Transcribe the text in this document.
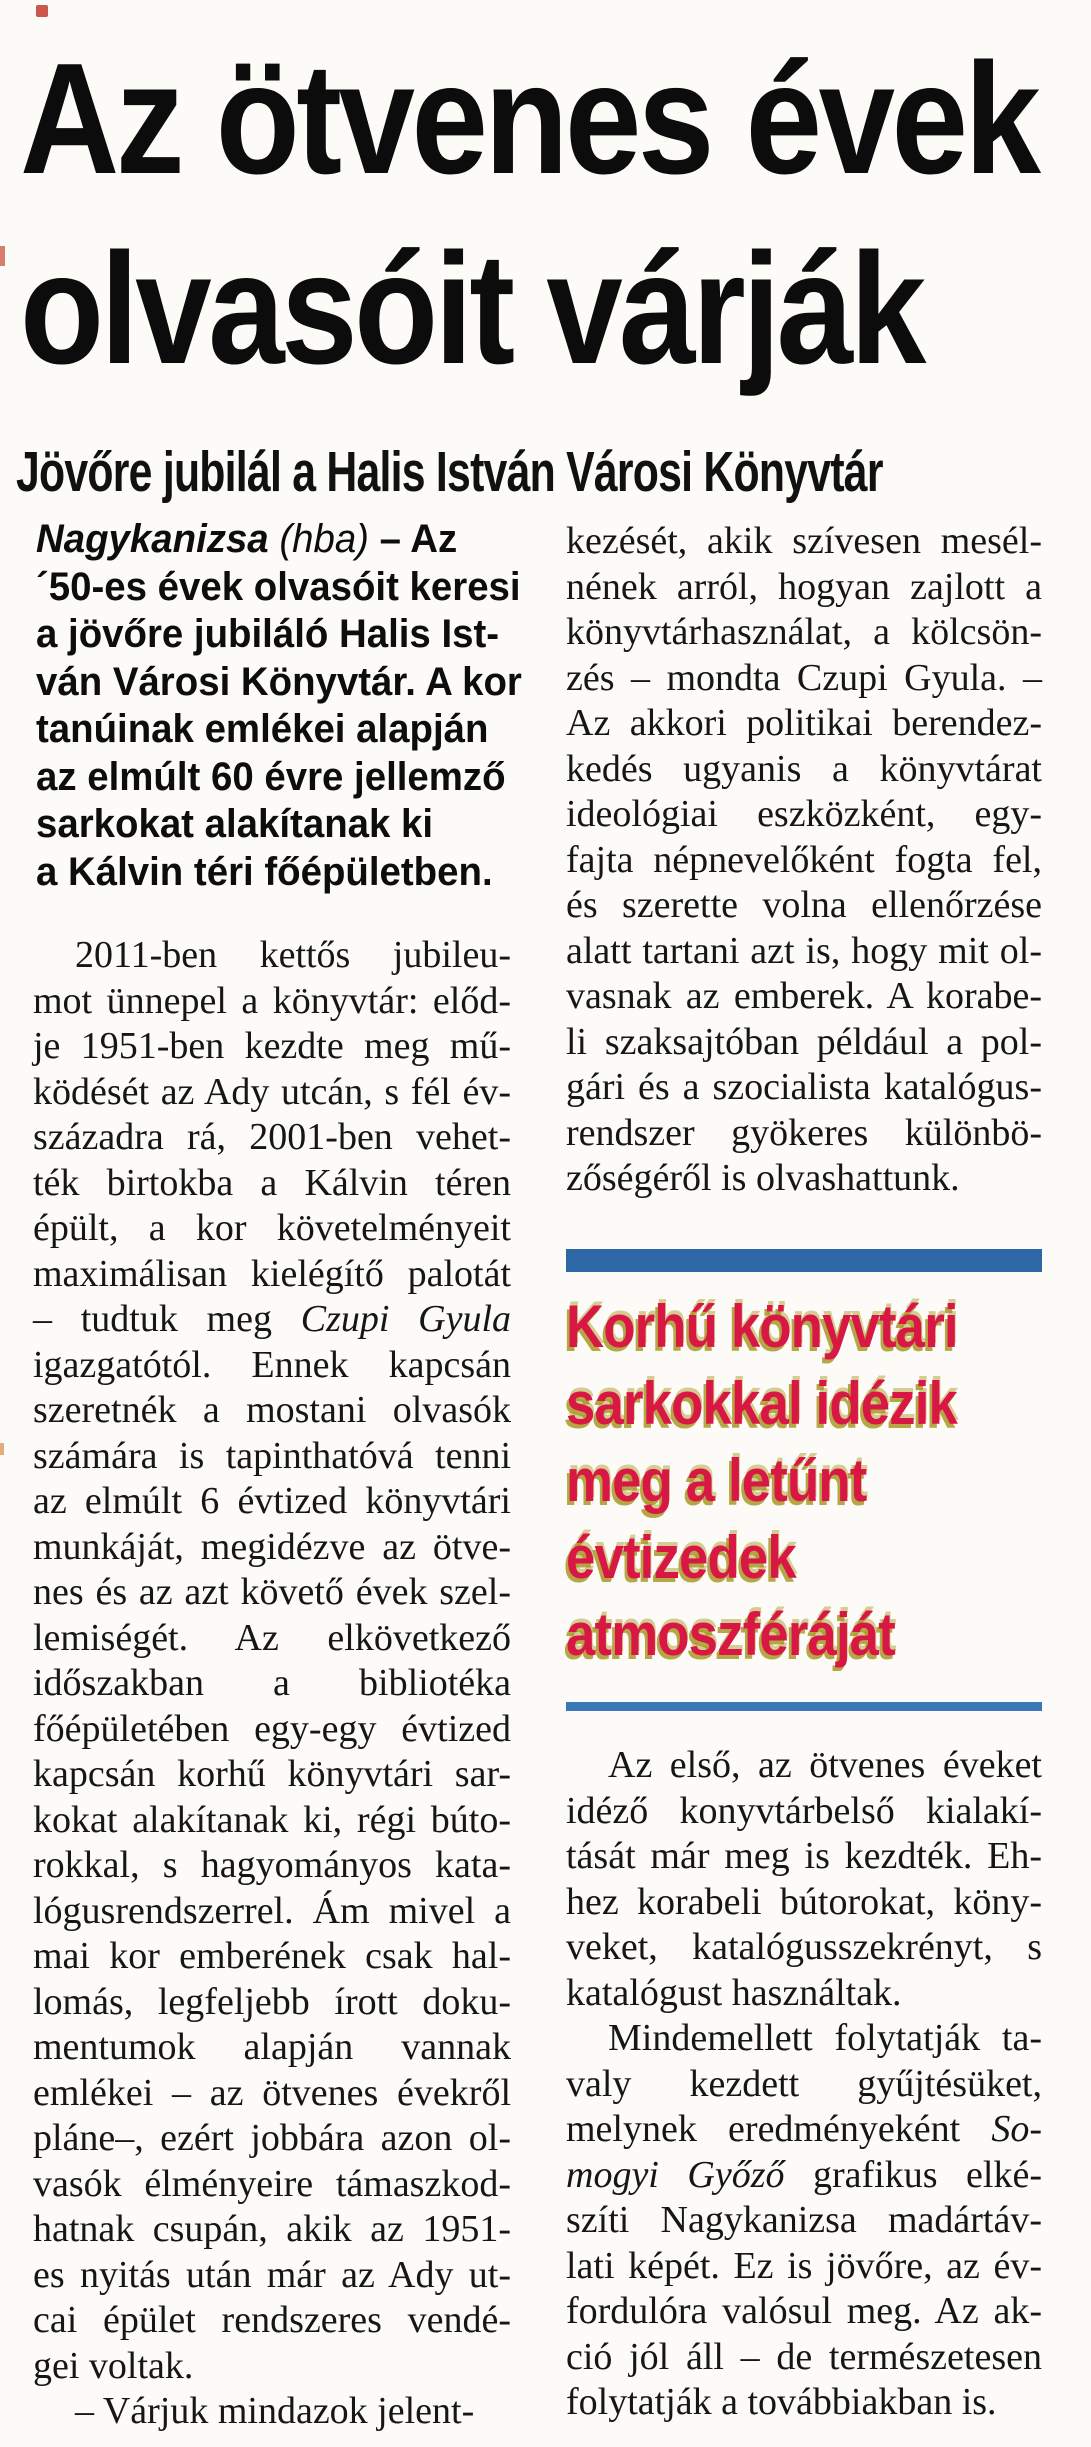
Az ötvenes évek
olvasóit várják
Jövőre jubilál a Halis István Városi Könyvtár
Nagykanizsa (hba) – Az
´50-es évek olvasóit keresi
a jövőre jubiláló Halis Ist-
ván Városi Könyvtár. A kor
tanúinak emlékei alapján
az elmúlt 60 évre jellemző
sarkokat alakítanak ki
a Kálvin téri főépületben.
2011-ben kettős jubileu-
mot ünnepel a könyvtár: előd-
je 1951-ben kezdte meg mű-
ködését az Ady utcán, s fél év-
századra rá, 2001-ben vehet-
ték birtokba a Kálvin téren
épült, a kor követelményeit
maximálisan kielégítő palotát
– tudtuk meg Czupi Gyula
igazgatótól. Ennek kapcsán
szeretnék a mostani olvasók
számára is tapinthatóvá tenni
az elmúlt 6 évtized könyvtári
munkáját, megidézve az ötve-
nes és az azt követő évek szel-
lemiségét. Az elkövetkező
időszakban a bibliotéka
főépületében egy-egy évtized
kapcsán korhű könyvtári sar-
kokat alakítanak ki, régi búto-
rokkal, s hagyományos kata-
lógusrendszerrel. Ám mivel a
mai kor emberének csak hal-
lomás, legfeljebb írott doku-
mentumok alapján vannak
emlékei – az ötvenes évekről
pláne–, ezért jobbára azon ol-
vasók élményeire támaszkod-
hatnak csupán, akik az 1951-
es nyitás után már az Ady ut-
cai épület rendszeres vendé-
gei voltak.
– Várjuk mindazok jelent-
kezését, akik szívesen mesél-
nének arról, hogyan zajlott a
könyvtárhasználat, a kölcsön-
zés – mondta Czupi Gyula. –
Az akkori politikai berendez-
kedés ugyanis a könyvtárat
ideológiai eszközként, egy-
fajta népnevelőként fogta fel,
és szerette volna ellenőrzése
alatt tartani azt is, hogy mit ol-
vasnak az emberek. A korabe-
li szaksajtóban például a pol-
gári és a szocialista katalógus-
rendszer gyökeres különbö-
zőségéről is olvashattunk.
Korhű könyvtári
sarkokkal idézik
meg a letűnt
évtizedek
atmoszféráját
Az első, az ötvenes éveket
idéző konyvtárbelső kialakí-
tását már meg is kezdték. Eh-
hez korabeli bútorokat, köny-
veket, katalógusszekrényt, s
katalógust használtak.
Mindemellett folytatják ta-
valy kezdett gyűjtésüket,
melynek eredményeként So-
mogyi Győző grafikus elké-
szíti Nagykanizsa madártáv-
lati képét. Ez is jövőre, az év-
fordulóra valósul meg. Az ak-
ció jól áll – de természetesen
folytatják a továbbiakban is.
